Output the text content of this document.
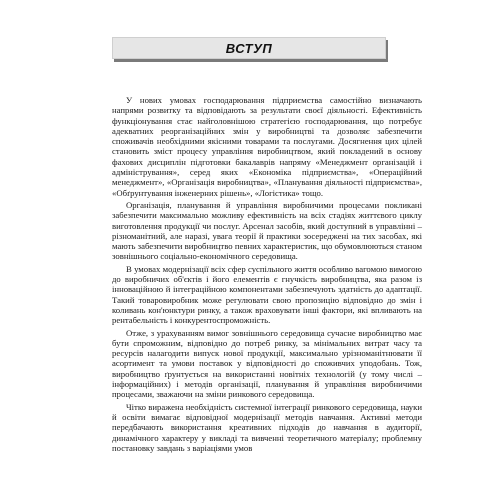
ВСТУП

У нових умовах господарювання підприємства самостійно визначають напрями розвитку та відповідають за результати своєї діяльності. Ефективність функціонування стає найголовнішою стратегією господарювання, що потребує адекватних реорганізаційних змін у виробництві та дозволяє забезпечити споживачів необхідними якісними товарами та послугами. Досягнення цих цілей становить зміст процесу управління виробництвом, який покладений в основу фахових дисциплін підготовки бакалаврів напряму «Менеджмент організацій і адміністрування», серед яких «Економіка підприємства», «Операційний менеджмент», «Організація виробництва», «Планування діяльності підприємства», «Обґрунтування інженерних рішень», «Логістика» тощо.

Організація, планування й управління виробничими процесами покликані забезпечити максимально можливу ефективність на всіх стадіях життєвого циклу виготовлення продукції чи послуг. Арсенал засобів, який доступний в управлінні – різноманітний, але наразі, увага теорії й практики зосереджені на тих засобах, які мають забезпечити виробництво певних характеристик, що обумовлюються станом зовнішнього соціально-економічного середовища.

В умовах модернізації всіх сфер суспільного життя особливо вагомою вимогою до виробничих об'єктів і його елементів є гнучкість виробництва, яка разом із інноваційною й інтеграційною компонентами забезпечують здатність до адаптації. Такий товаровиробник може регулювати свою пропозицію відповідно до змін і коливань кон'юнктури ринку, а також враховувати інші фактори, які впливають на рентабельність і конкурентоспроможність.

Отже, з урахуванням вимог зовнішнього середовища сучасне виробництво має бути спроможним, відповідно до потреб ринку, за мінімальних витрат часу та ресурсів налагодити випуск нової продукції, максимально урізноманітнювати її асортимент та умови поставок у відповідності до споживчих уподобань. Тож, виробництво ґрунтується на використанні новітніх технологій (у тому числі – інформаційних) і методів організації, планування й управління виробничими процесами, зважаючи на зміни ринкового середовища.

Чітко виражена необхідність системної інтеграції ринкового середовища, науки й освіти вимагає відповідної модернізації методів навчання. Активні методи передбачають використання креативних підходів до навчання в аудиторії, динамічного характеру у викладі та вивченні теоретичного матеріалу; проблемну постановку завдань з варіаціями умов
